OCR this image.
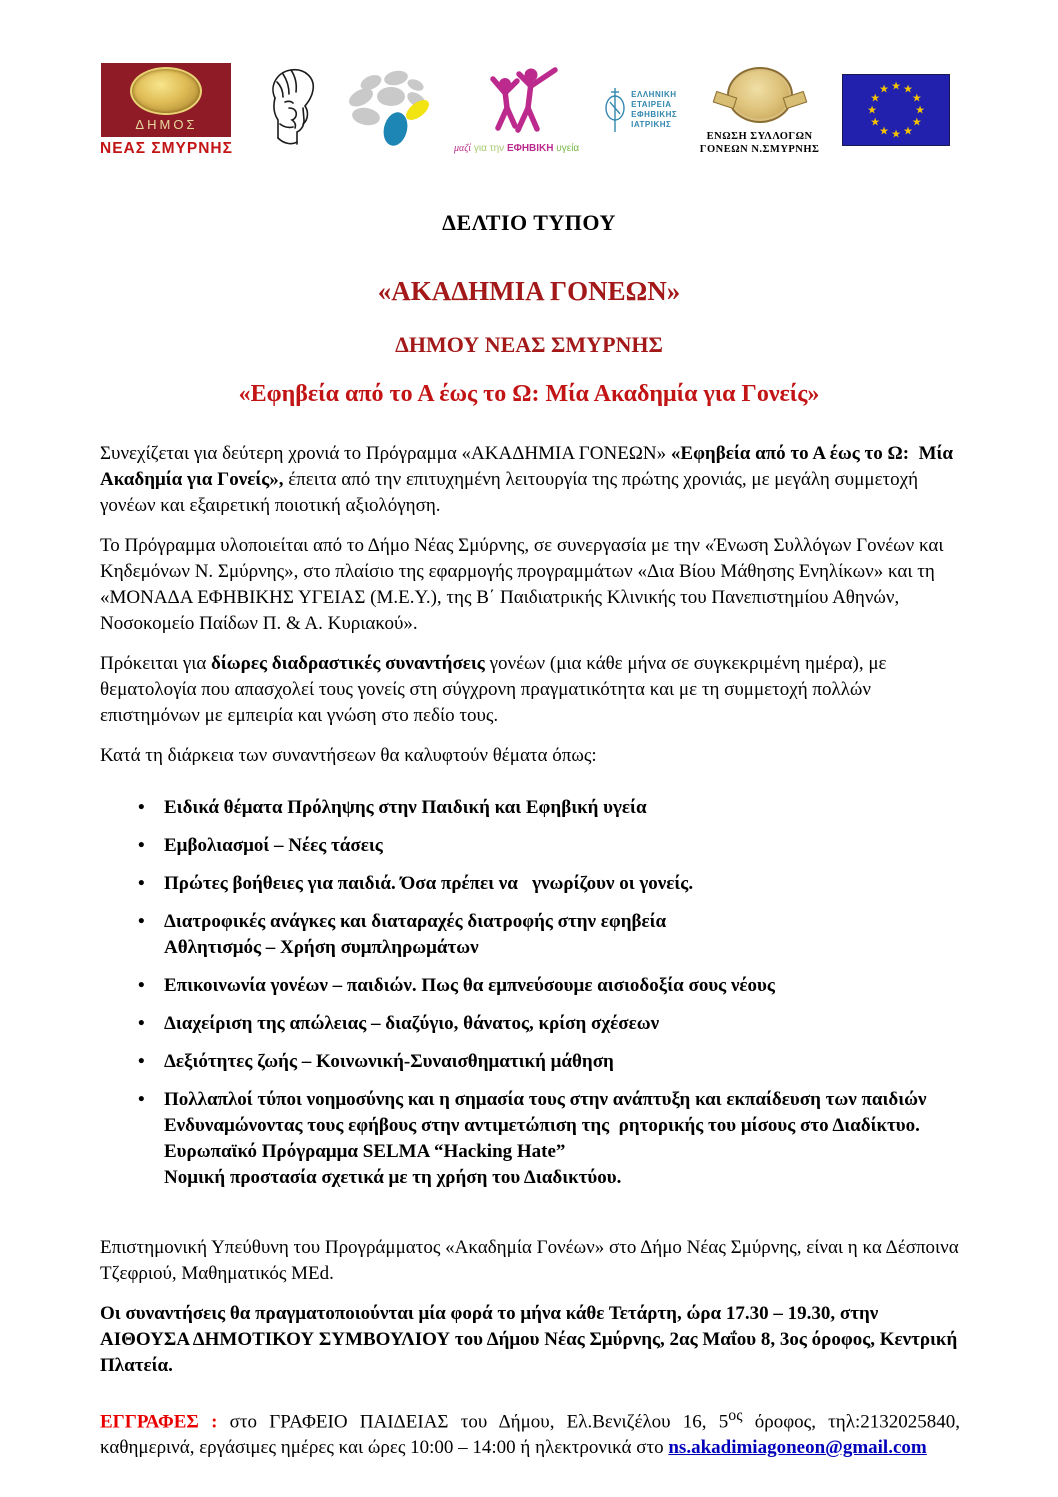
ΔΗΜΟΣ
ΝΕΑΣ ΣΜΥΡΝΗΣ	μαζί για την ΕΦΗΒΙΚΗ υγεία
ΕΛΛΗΝΙΚΗ
ΕΤΑΙΡΕΙΑ
ΕΦΗΒΙΚΗΣ
ΙΑΤΡΙΚΗΣ
ΕΝΩΣΗ ΣΥΛΛΟΓΩΝ
ΓΟΝΕΩΝ Ν.ΣΜΥΡΝΗΣ
★ ★
★
★
★
★
★
★
★
★
★
★
ΔΕΛΤΙΟ ΤΥΠΟΥ
«ΑΚΑΔΗΜΙΑ ΓΟΝΕΩΝ»
ΔΗΜΟΥ ΝΕΑΣ ΣΜΥΡΝΗΣ
«Εφηβεία από το Α έως το Ω: Μία Ακαδημία για Γονείς»

Συνεχίζεται για δεύτερη χρονιά το Πρόγραμμα «ΑΚΑΔΗΜΙΑ ΓΟΝΕΩΝ» «Εφηβεία από το Α έως το Ω:  Μία Ακαδημία για Γονείς», έπειτα από την επιτυχημένη λειτουργία της πρώτης χρονιάς, με μεγάλη συμμετοχή γονέων και εξαιρετική ποιοτική αξιολόγηση.

Το Πρόγραμμα υλοποιείται από το Δήμο Νέας Σμύρνης, σε συνεργασία με την «Ένωση Συλλόγων Γονέων και Κηδεμόνων Ν. Σμύρνης», στο πλαίσιο της εφαρμογής προγραμμάτων «Δια Βίου Μάθησης Ενηλίκων» και τη «ΜΟΝΑΔΑ ΕΦΗΒΙΚΗΣ ΥΓΕΙΑΣ (Μ.Ε.Υ.), της Β΄ Παιδιατρικής Κλινικής του Πανεπιστημίου Αθηνών, Νοσοκομείο Παίδων Π. & Α. Κυριακού».

Πρόκειται για δίωρες διαδραστικές συναντήσεις γονέων (μια κάθε μήνα σε συγκεκριμένη ημέρα), με θεματολογία που απασχολεί τους γονείς στη σύγχρονη πραγματικότητα και με τη συμμετοχή πολλών επιστημόνων με εμπειρία και γνώση στο πεδίο τους.

Κατά τη διάρκεια των συναντήσεων θα καλυφτούν θέματα όπως:

• Ειδικά θέματα Πρόληψης στην Παιδική και Εφηβική υγεία
• Εμβολιασμοί – Νέες τάσεις
• Πρώτες βοήθειες για παιδιά. Όσα πρέπει να   γνωρίζουν οι γονείς.
• Διατροφικές ανάγκες και διαταραχές διατροφής στην εφηβεία
Αθλητισμός – Χρήση συμπληρωμάτων
• Επικοινωνία γονέων – παιδιών. Πως θα εμπνεύσουμε αισιοδοξία σους νέους
• Διαχείριση της απώλειας – διαζύγιο, θάνατος, κρίση σχέσεων
• Δεξιότητες ζωής – Κοινωνική-Συναισθηματική μάθηση
• Πολλαπλοί τύποι νοημοσύνης και η σημασία τους στην ανάπτυξη και εκπαίδευση των παιδιών Ενδυναμώνοντας τους εφήβους στην αντιμετώπιση της  ρητορικής του μίσους στο Διαδίκτυο. Ευρωπαϊκό Πρόγραμμα SELMA “Hacking Hate”
Νομική προστασία σχετικά με τη χρήση του Διαδικτύου.

Επιστημονική Υπεύθυνη του Προγράμματος «Ακαδημία Γονέων» στο Δήμο Νέας Σμύρνης, είναι η κα Δέσποινα Τζεφριού, Μαθηματικός MEd.

Οι συναντήσεις θα πραγματοποιούνται μία φορά το μήνα κάθε Τετάρτη, ώρα 17.30 – 19.30, στην ΑΙΘΟΥΣΑ ΔΗΜΟΤΙΚΟΥ ΣΥΜΒΟΥΛΙΟΥ του Δήμου Νέας Σμύρνης, 2ας Μαΐου 8, 3ος όροφος, Κεντρική Πλατεία.

ΕΓΓΡΑΦΕΣ : στο ΓΡΑΦΕΙΟ ΠΑΙΔΕΙΑΣ του Δήμου, Ελ.Βενιζέλου 16, $5^{o\varsigma}$ όροφος, τηλ:2132025840, καθημερινά, εργάσιμες ημέρες και ώρες 10:00 – 14:00 ή ηλεκτρονικά στο ns.akadimiagoneon@gmail.com
